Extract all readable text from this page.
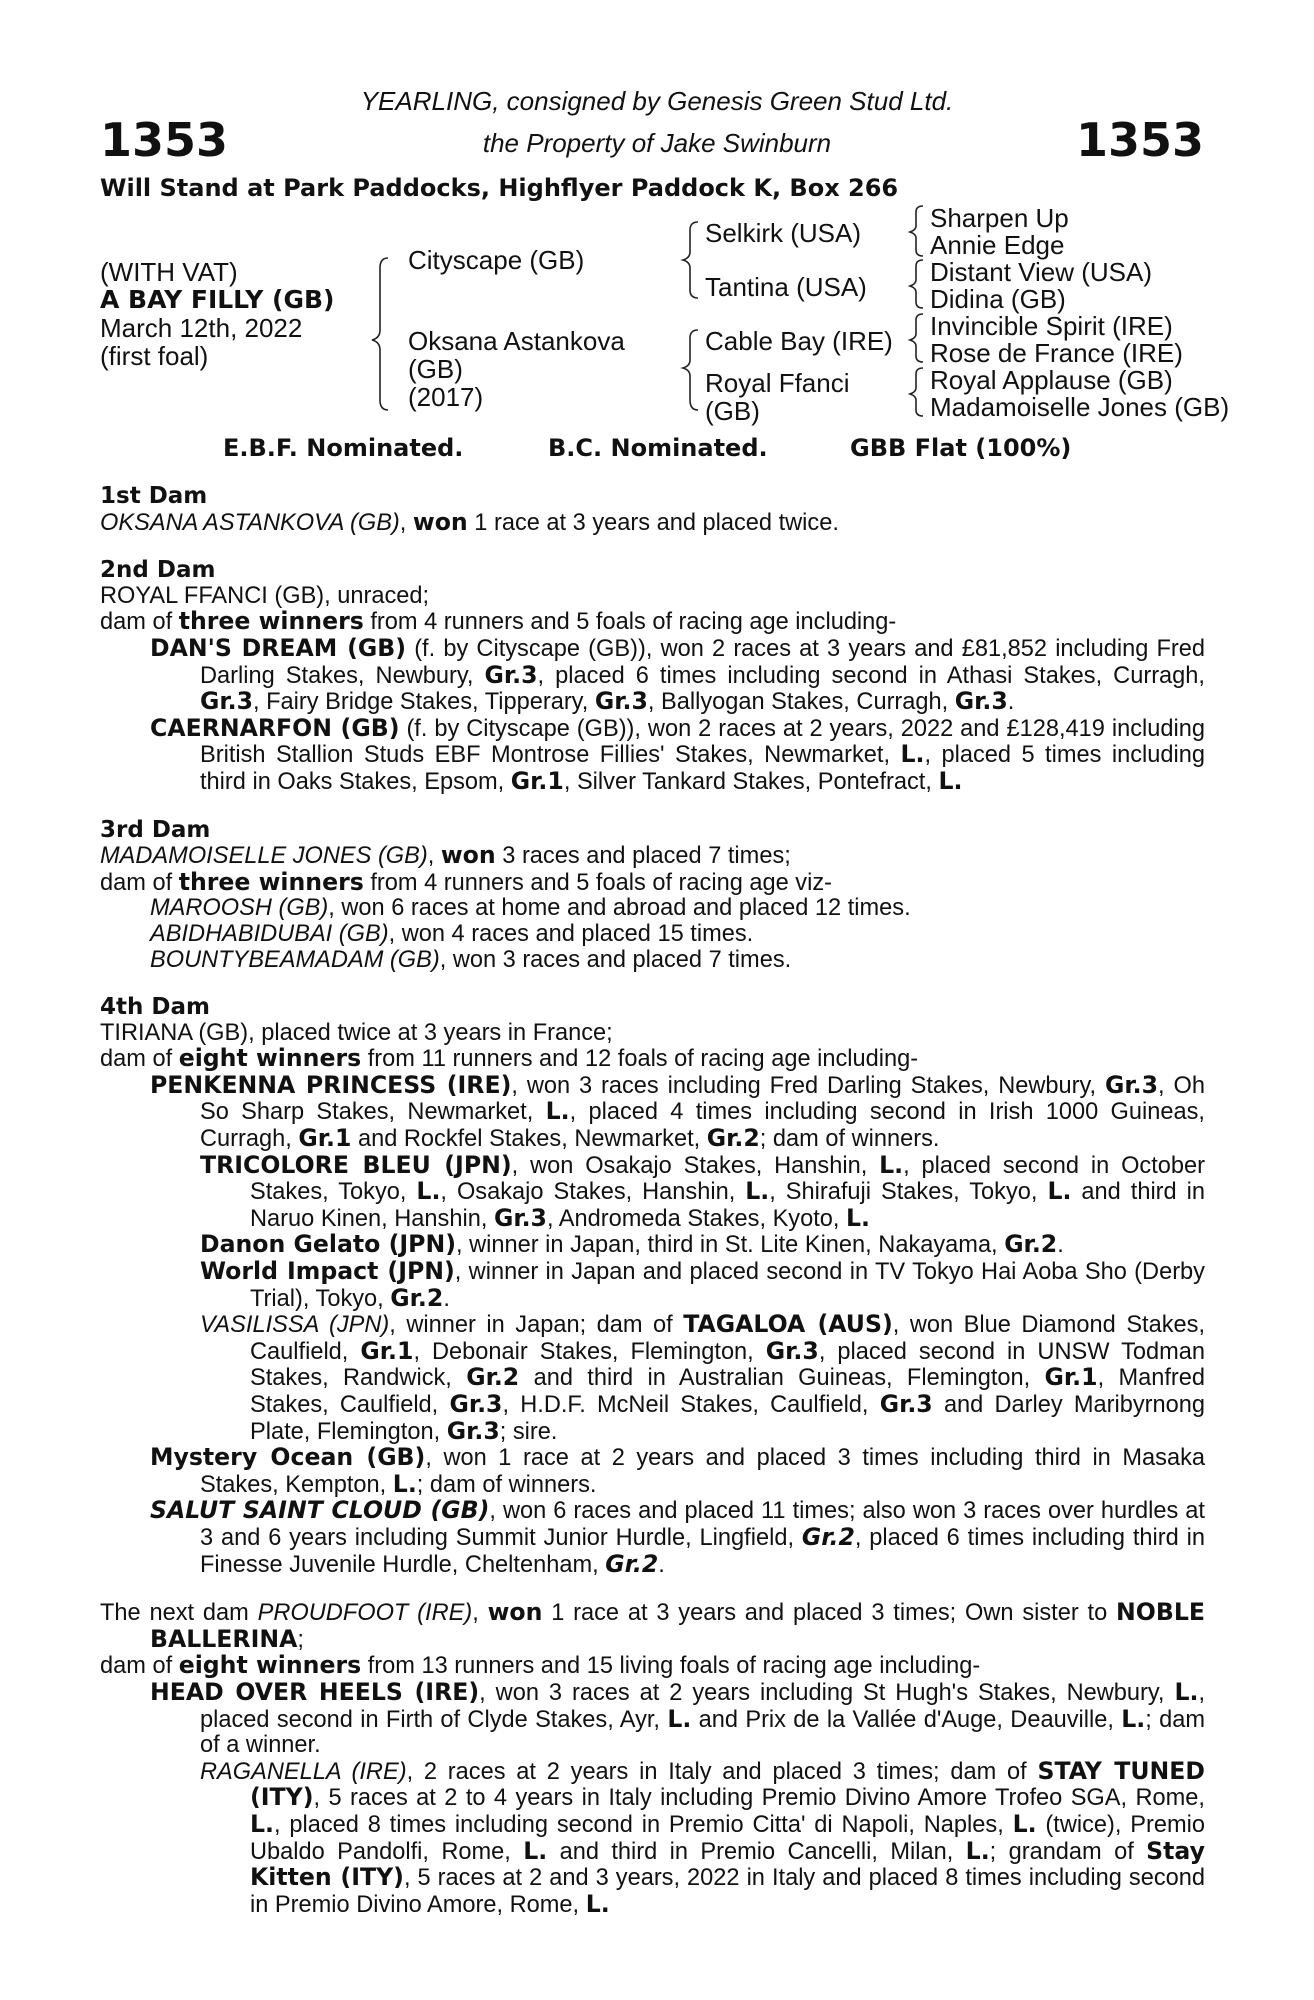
1353	1353
YEARLING, consigned by Genesis Green Stud Ltd.
the Property of Jake Swinburn
Will Stand at Park Paddocks, Highflyer Paddock K, Box 266
(WITH VAT)
A BAY FILLY (GB)
March 12th, 2022
(first foal)
Cityscape (GB)
Oksana Astankova
(GB)
(2017)
Selkirk (USA)
Tantina (USA)
Cable Bay (IRE)
Royal Ffanci
(GB)
Sharpen Up
Annie Edge
Distant View (USA)
Didina (GB)
Invincible Spirit (IRE)
Rose de France (IRE)
Royal Applause (GB)
Madamoiselle Jones (GB)
E.B.F. Nominated.	B.C. Nominated.	GBB Flat (100%)

1st Dam

OKSANA ASTANKOVA (GB), won 1 race at 3 years and placed twice.

2nd Dam

ROYAL FFANCI (GB), unraced;

dam of three winners from 4 runners and 5 foals of racing age including-

DAN'S DREAM (GB) (f. by Cityscape (GB)), won 2 races at 3 years and £81,852 including Fred Darling Stakes, Newbury, Gr.3, placed 6 times including second in Athasi Stakes, Curragh, Gr.3, Fairy Bridge Stakes, Tipperary, Gr.3, Ballyogan Stakes, Curragh, Gr.3.

CAERNARFON (GB) (f. by Cityscape (GB)), won 2 races at 2 years, 2022 and £128,419 including British Stallion Studs EBF Montrose Fillies' Stakes, Newmarket, L., placed 5 times including third in Oaks Stakes, Epsom, Gr.1, Silver Tankard Stakes, Pontefract, L.

3rd Dam

MADAMOISELLE JONES (GB), won 3 races and placed 7 times;

dam of three winners from 4 runners and 5 foals of racing age viz-

MAROOSH (GB), won 6 races at home and abroad and placed 12 times.

ABIDHABIDUBAI (GB), won 4 races and placed 15 times.

BOUNTYBEAMADAM (GB), won 3 races and placed 7 times.

4th Dam

TIRIANA (GB), placed twice at 3 years in France;

dam of eight winners from 11 runners and 12 foals of racing age including-

PENKENNA PRINCESS (IRE), won 3 races including Fred Darling Stakes, Newbury, Gr.3, Oh So Sharp Stakes, Newmarket, L., placed 4 times including second in Irish 1000 Guineas, Curragh, Gr.1 and Rockfel Stakes, Newmarket, Gr.2; dam of winners.

TRICOLORE BLEU (JPN), won Osakajo Stakes, Hanshin, L., placed second in October Stakes, Tokyo, L., Osakajo Stakes, Hanshin, L., Shirafuji Stakes, Tokyo, L. and third in Naruo Kinen, Hanshin, Gr.3, Andromeda Stakes, Kyoto, L.

Danon Gelato (JPN), winner in Japan, third in St. Lite Kinen, Nakayama, Gr.2.

World Impact (JPN), winner in Japan and placed second in TV Tokyo Hai Aoba Sho (Derby Trial), Tokyo, Gr.2.

VASILISSA (JPN), winner in Japan; dam of TAGALOA (AUS), won Blue Diamond Stakes, Caulfield, Gr.1, Debonair Stakes, Flemington, Gr.3, placed second in UNSW Todman Stakes, Randwick, Gr.2 and third in Australian Guineas, Flemington, Gr.1, Manfred Stakes, Caulfield, Gr.3, H.D.F. McNeil Stakes, Caulfield, Gr.3 and Darley Maribyrnong Plate, Flemington, Gr.3; sire.

Mystery Ocean (GB), won 1 race at 2 years and placed 3 times including third in Masaka Stakes, Kempton, L.; dam of winners.

SALUT SAINT CLOUD (GB), won 6 races and placed 11 times; also won 3 races over hurdles at 3 and 6 years including Summit Junior Hurdle, Lingfield, Gr.2, placed 6 times including third in Finesse Juvenile Hurdle, Cheltenham, Gr.2.

The next dam PROUDFOOT (IRE), won 1 race at 3 years and placed 3 times; Own sister to NOBLE BALLERINA;

dam of eight winners from 13 runners and 15 living foals of racing age including-

HEAD OVER HEELS (IRE), won 3 races at 2 years including St Hugh's Stakes, Newbury, L., placed second in Firth of Clyde Stakes, Ayr, L. and Prix de la Vallée d'Auge, Deauville, L.; dam of a winner.

RAGANELLA (IRE), 2 races at 2 years in Italy and placed 3 times; dam of STAY TUNED (ITY), 5 races at 2 to 4 years in Italy including Premio Divino Amore Trofeo SGA, Rome, L., placed 8 times including second in Premio Citta' di Napoli, Naples, L. (twice), Premio Ubaldo Pandolfi, Rome, L. and third in Premio Cancelli, Milan, L.; grandam of Stay Kitten (ITY), 5 races at 2 and 3 years, 2022 in Italy and placed 8 times including second in Premio Divino Amore, Rome, L.
